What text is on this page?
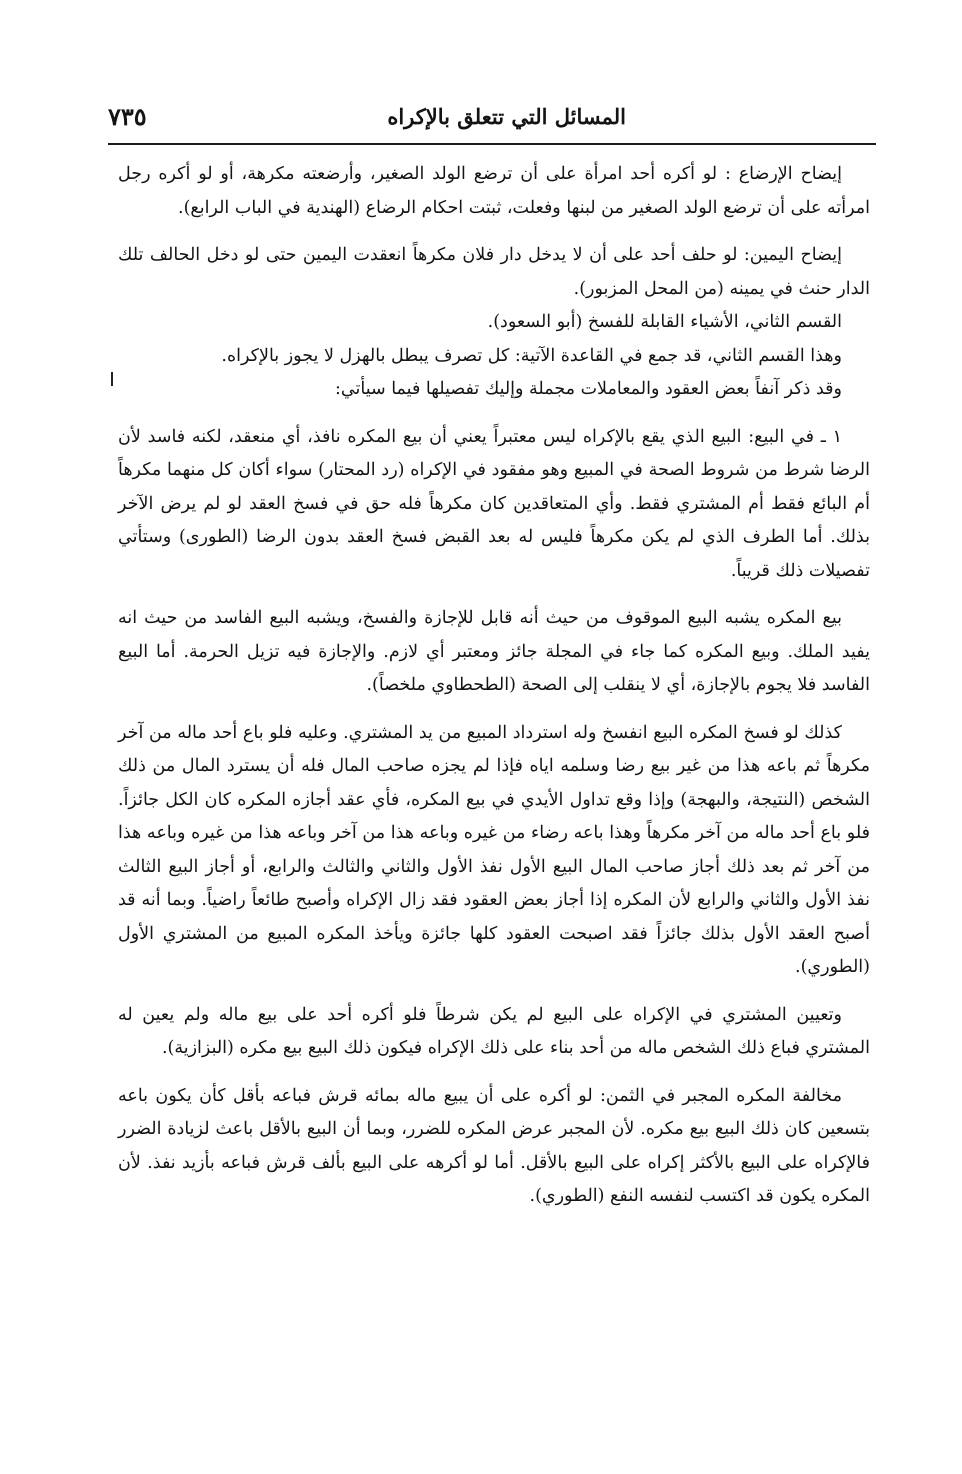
المسائل التي تتعلق بالإكراه
٧٣٥

إيضاح الإرضاع : لو أكره أحد امرأة على أن ترضع الولد الصغير، وأرضعته مكرهة، أو لو أكره رجل امرأته على أن ترضع الولد الصغير من لبنها وفعلت، ثبتت احكام الرضاع (الهندية في الباب الرابع).

إيضاح اليمين: لو حلف أحد على أن لا يدخل دار فلان مكرهاً انعقدت اليمين حتى لو دخل الحالف تلك الدار حنث في يمينه (من المحل المزبور).

القسم الثاني، الأشياء القابلة للفسخ (أبو السعود).

وهذا القسم الثاني، قد جمع في القاعدة الآتية: كل تصرف يبطل بالهزل لا يجوز بالإكراه.

وقد ذكر آنفاً بعض العقود والمعاملات مجملة وإليك تفصيلها فيما سيأتي:

١ ـ في البيع: البيع الذي يقع بالإكراه ليس معتبراً يعني أن بيع المكره نافذ، أي منعقد، لكنه فاسد لأن الرضا شرط من شروط الصحة في المبيع وهو مفقود في الإكراه (رد المحتار) سواء أكان كل منهما مكرهاً أم البائع فقط أم المشتري فقط. وأي المتعاقدين كان مكرهاً فله حق في فسخ العقد لو لم يرض الآخر بذلك. أما الطرف الذي لم يكن مكرهاً فليس له بعد القبض فسخ العقد بدون الرضا (الطورى) وستأتي تفصيلات ذلك قريباً.

بيع المكره يشبه البيع الموقوف من حيث أنه قابل للإجازة والفسخ، ويشبه البيع الفاسد من حيث انه يفيد الملك. وبيع المكره كما جاء في المجلة جائز ومعتبر أي لازم. والإجازة فيه تزيل الحرمة. أما البيع الفاسد فلا يجوم بالإجازة، أي لا ينقلب إلى الصحة (الطحطاوي ملخصاً).

كذلك لو فسخ المكره البيع انفسخ وله استرداد المبيع من يد المشتري. وعليه فلو باع أحد ماله من آخر مكرهاً ثم باعه هذا من غير بيع رضا وسلمه اياه فإذا لم يجزه صاحب المال فله أن يسترد المال من ذلك الشخص (النتيجة، والبهجة) وإذا وقع تداول الأيدي في بيع المكره، فأي عقد أجازه المكره كان الكل جائزاً. فلو باع أحد ماله من آخر مكرهاً وهذا باعه رضاء من غيره وباعه هذا من آخر وباعه هذا من غيره وباعه هذا من آخر ثم بعد ذلك أجاز صاحب المال البيع الأول نفذ الأول والثاني والثالث والرابع، أو أجاز البيع الثالث نفذ الأول والثاني والرابع لأن المكره إذا أجاز بعض العقود فقد زال الإكراه وأصبح طائعاً راضياً. وبما أنه قد أصبح العقد الأول بذلك جائزاً فقد اصبحت العقود كلها جائزة ويأخذ المكره المبيع من المشتري الأول (الطوري).

وتعيين المشتري في الإكراه على البيع لم يكن شرطاً فلو أكره أحد على بيع ماله ولم يعين له المشتري فباع ذلك الشخص ماله من أحد بناء على ذلك الإكراه فيكون ذلك البيع بيع مكره (البزازية).

مخالفة المكره المجبر في الثمن: لو أكره على أن يبيع ماله بمائه قرش فباعه بأقل كأن يكون باعه بتسعين كان ذلك البيع بيع مكره. لأن المجبر عرض المكره للضرر، وبما أن البيع بالأقل باعث لزيادة الضرر فالإكراه على البيع بالأكثر إكراه على البيع بالأقل. أما لو أكرهه على البيع بألف قرش فباعه بأزيد نفذ. لأن المكره يكون قد اكتسب لنفسه النفع (الطوري).
